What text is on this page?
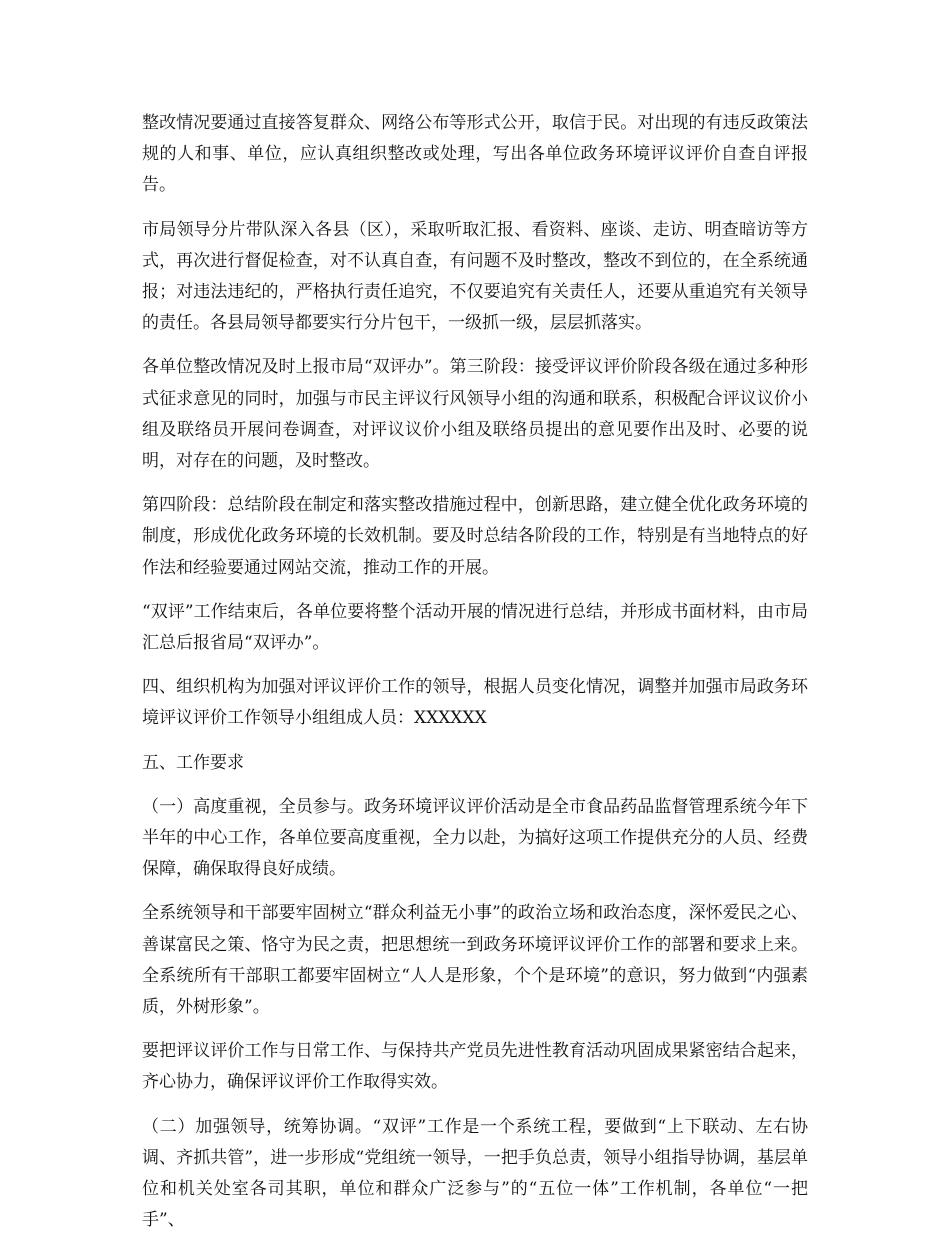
整改情况要通过直接答复群众、网络公布等形式公开，取信于民。对出现的有违反政策法规的人和事、单位，应认真组织整改或处理，写出各单位政务环境评议评价自查自评报告。

市局领导分片带队深入各县（区），采取听取汇报、看资料、座谈、走访、明查暗访等方式，再次进行督促检查，对不认真自查，有问题不及时整改，整改不到位的，在全系统通报；对违法违纪的，严格执行责任追究，不仅要追究有关责任人，还要从重追究有关领导的责任。各县局领导都要实行分片包干，一级抓一级，层层抓落实。

各单位整改情况及时上报市局“双评办”。第三阶段：接受评议评价阶段各级在通过多种形式征求意见的同时，加强与市民主评议行风领导小组的沟通和联系，积极配合评议议价小组及联络员开展问卷调查，对评议议价小组及联络员提出的意见要作出及时、必要的说明，对存在的问题，及时整改。

第四阶段：总结阶段在制定和落实整改措施过程中，创新思路，建立健全优化政务环境的制度，形成优化政务环境的长效机制。要及时总结各阶段的工作，特别是有当地特点的好作法和经验要通过网站交流，推动工作的开展。

“双评”工作结束后，各单位要将整个活动开展的情况进行总结，并形成书面材料，由市局汇总后报省局“双评办”。

四、组织机构为加强对评议评价工作的领导，根据人员变化情况，调整并加强市局政务环境评议评价工作领导小组组成人员：XXXXXX

五、工作要求

（一）高度重视，全员参与。政务环境评议评价活动是全市食品药品监督管理系统今年下半年的中心工作，各单位要高度重视，全力以赴，为搞好这项工作提供充分的人员、经费保障，确保取得良好成绩。

全系统领导和干部要牢固树立“群众利益无小事”的政治立场和政治态度，深怀爱民之心、善谋富民之策、恪守为民之责，把思想统一到政务环境评议评价工作的部署和要求上来。全系统所有干部职工都要牢固树立“人人是形象，个个是环境”的意识，努力做到“内强素质，外树形象”。

要把评议评价工作与日常工作、与保持共产党员先进性教育活动巩固成果紧密结合起来，齐心协力，确保评议评价工作取得实效。

（二）加强领导，统筹协调。“双评”工作是一个系统工程，要做到“上下联动、左右协调、齐抓共管”，进一步形成“党组统一领导，一把手负总责，领导小组指导协调，基层单位和机关处室各司其职，单位和群众广泛参与”的“五位一体”工作机制，各单位“一把手”、
